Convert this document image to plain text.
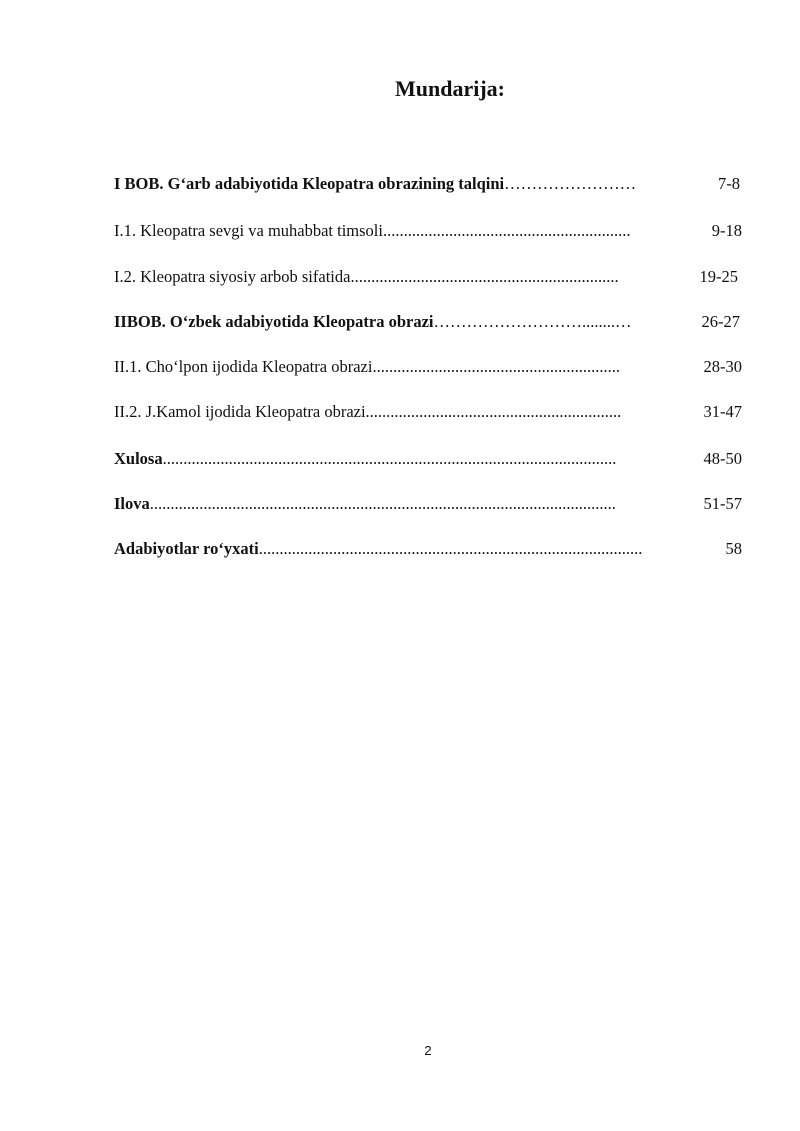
Mundarija:
I BOB. G‘arb adabiyotida Kleopatra obrazining talqini……………………	7-8
I.1. Kleopatra sevgi va muhabbat timsoli............................................................	9-18
I.2. Kleopatra siyosiy arbob sifatida.................................................................	19-25
IIBOB. O‘zbek adabiyotida Kleopatra obrazi………………………........…	26-27
II.1. Cho‘lpon ijodida Kleopatra obrazi............................................................	28-30
II.2. J.Kamol ijodida Kleopatra obrazi..............................................................	31-47
Xulosa..............................................................................................................	48-50
Ilova.................................................................................................................	51-57
Adabiyotlar ro‘yxati.............................................................................................	58
2
